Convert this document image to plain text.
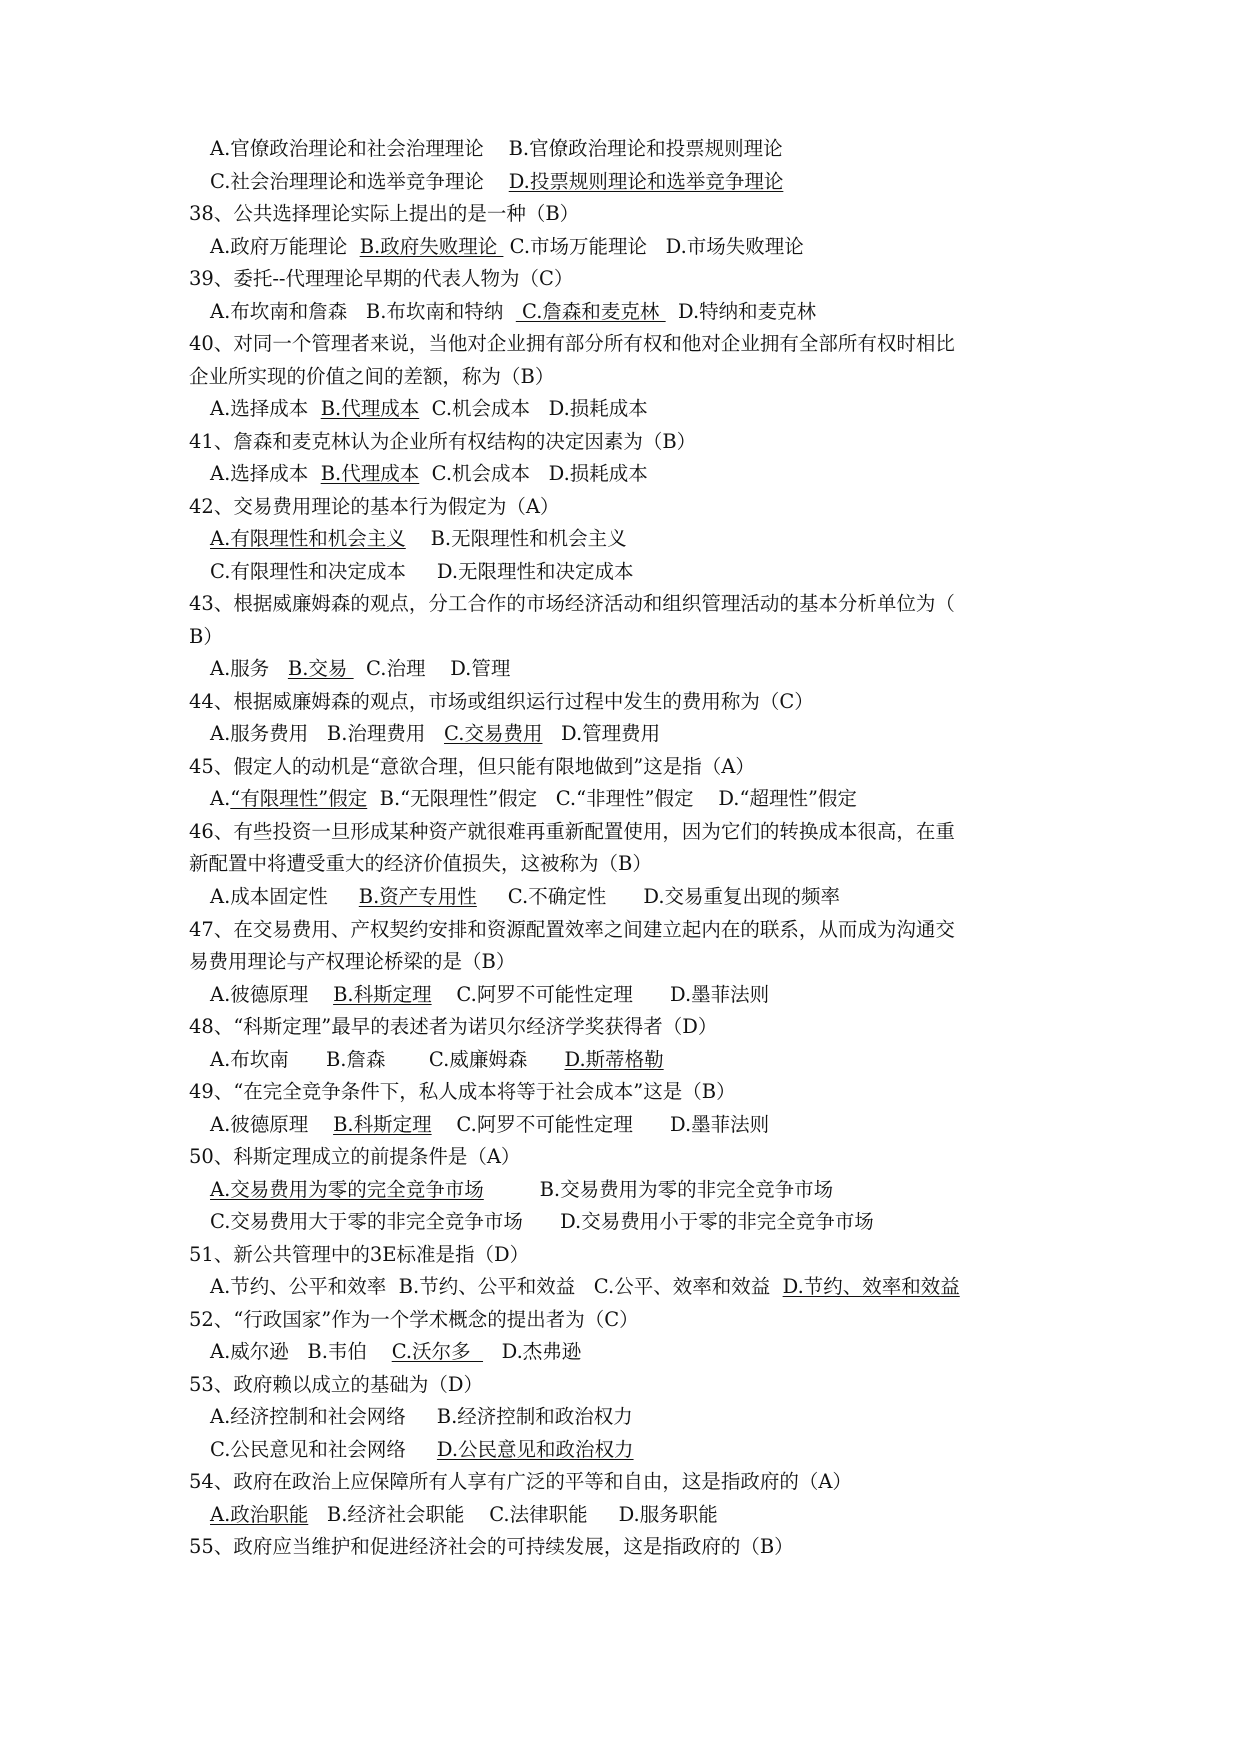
A.官僚政治理论和社会治理理论    B.官僚政治理论和投票规则理论
C.社会治理理论和选举竞争理论    D.投票规则理论和选举竞争理论
38、公共选择理论实际上提出的是一种（B）
A.政府万能理论  B.政府失败理论  C.市场万能理论   D.市场失败理论
39、委托--代理理论早期的代表人物为（C）
A.布坎南和詹森   B.布坎南和特纳   C.詹森和麦克林   D.特纳和麦克林
40、对同一个管理者来说，当他对企业拥有部分所有权和他对企业拥有全部所有权时相比
企业所实现的价值之间的差额，称为（B）
A.选择成本  B.代理成本  C.机会成本   D.损耗成本
41、詹森和麦克林认为企业所有权结构的决定因素为（B）
A.选择成本  B.代理成本  C.机会成本   D.损耗成本
42、交易费用理论的基本行为假定为（A）
A.有限理性和机会主义    B.无限理性和机会主义
C.有限理性和决定成本     D.无限理性和决定成本
43、根据威廉姆森的观点，分工合作的市场经济活动和组织管理活动的基本分析单位为（
B）
A.服务   B.交易   C.治理    D.管理
44、根据威廉姆森的观点，市场或组织运行过程中发生的费用称为（C）
A.服务费用   B.治理费用   C.交易费用   D.管理费用
45、假定人的动机是“意欲合理，但只能有限地做到”这是指（A）
A.“有限理性”假定  B.“无限理性”假定   C.“非理性”假定    D.“超理性”假定
46、有些投资一旦形成某种资产就很难再重新配置使用，因为它们的转换成本很高，在重
新配置中将遭受重大的经济价值损失，这被称为（B）
A.成本固定性     B.资产专用性     C.不确定性      D.交易重复出现的频率
47、在交易费用、产权契约安排和资源配置效率之间建立起内在的联系，从而成为沟通交
易费用理论与产权理论桥梁的是（B）
A.彼德原理    B.科斯定理    C.阿罗不可能性定理      D.墨菲法则
48、“科斯定理”最早的表述者为诺贝尔经济学奖获得者（D）
A.布坎南      B.詹森       C.威廉姆森      D.斯蒂格勒
49、“在完全竞争条件下，私人成本将等于社会成本”这是（B）
A.彼德原理    B.科斯定理    C.阿罗不可能性定理      D.墨菲法则
50、科斯定理成立的前提条件是（A）
A.交易费用为零的完全竞争市场         B.交易费用为零的非完全竞争市场
C.交易费用大于零的非完全竞争市场      D.交易费用小于零的非完全竞争市场
51、新公共管理中的3E标准是指（D）
A.节约、公平和效率  B.节约、公平和效益   C.公平、效率和效益  D.节约、效率和效益
52、“行政国家”作为一个学术概念的提出者为（C）
A.威尔逊   B.韦伯    C.沃尔多     D.杰弗逊
53、政府赖以成立的基础为（D）
A.经济控制和社会网络     B.经济控制和政治权力
C.公民意见和社会网络     D.公民意见和政治权力
54、政府在政治上应保障所有人享有广泛的平等和自由，这是指政府的（A）
A.政治职能   B.经济社会职能    C.法律职能     D.服务职能
55、政府应当维护和促进经济社会的可持续发展，这是指政府的（B）
